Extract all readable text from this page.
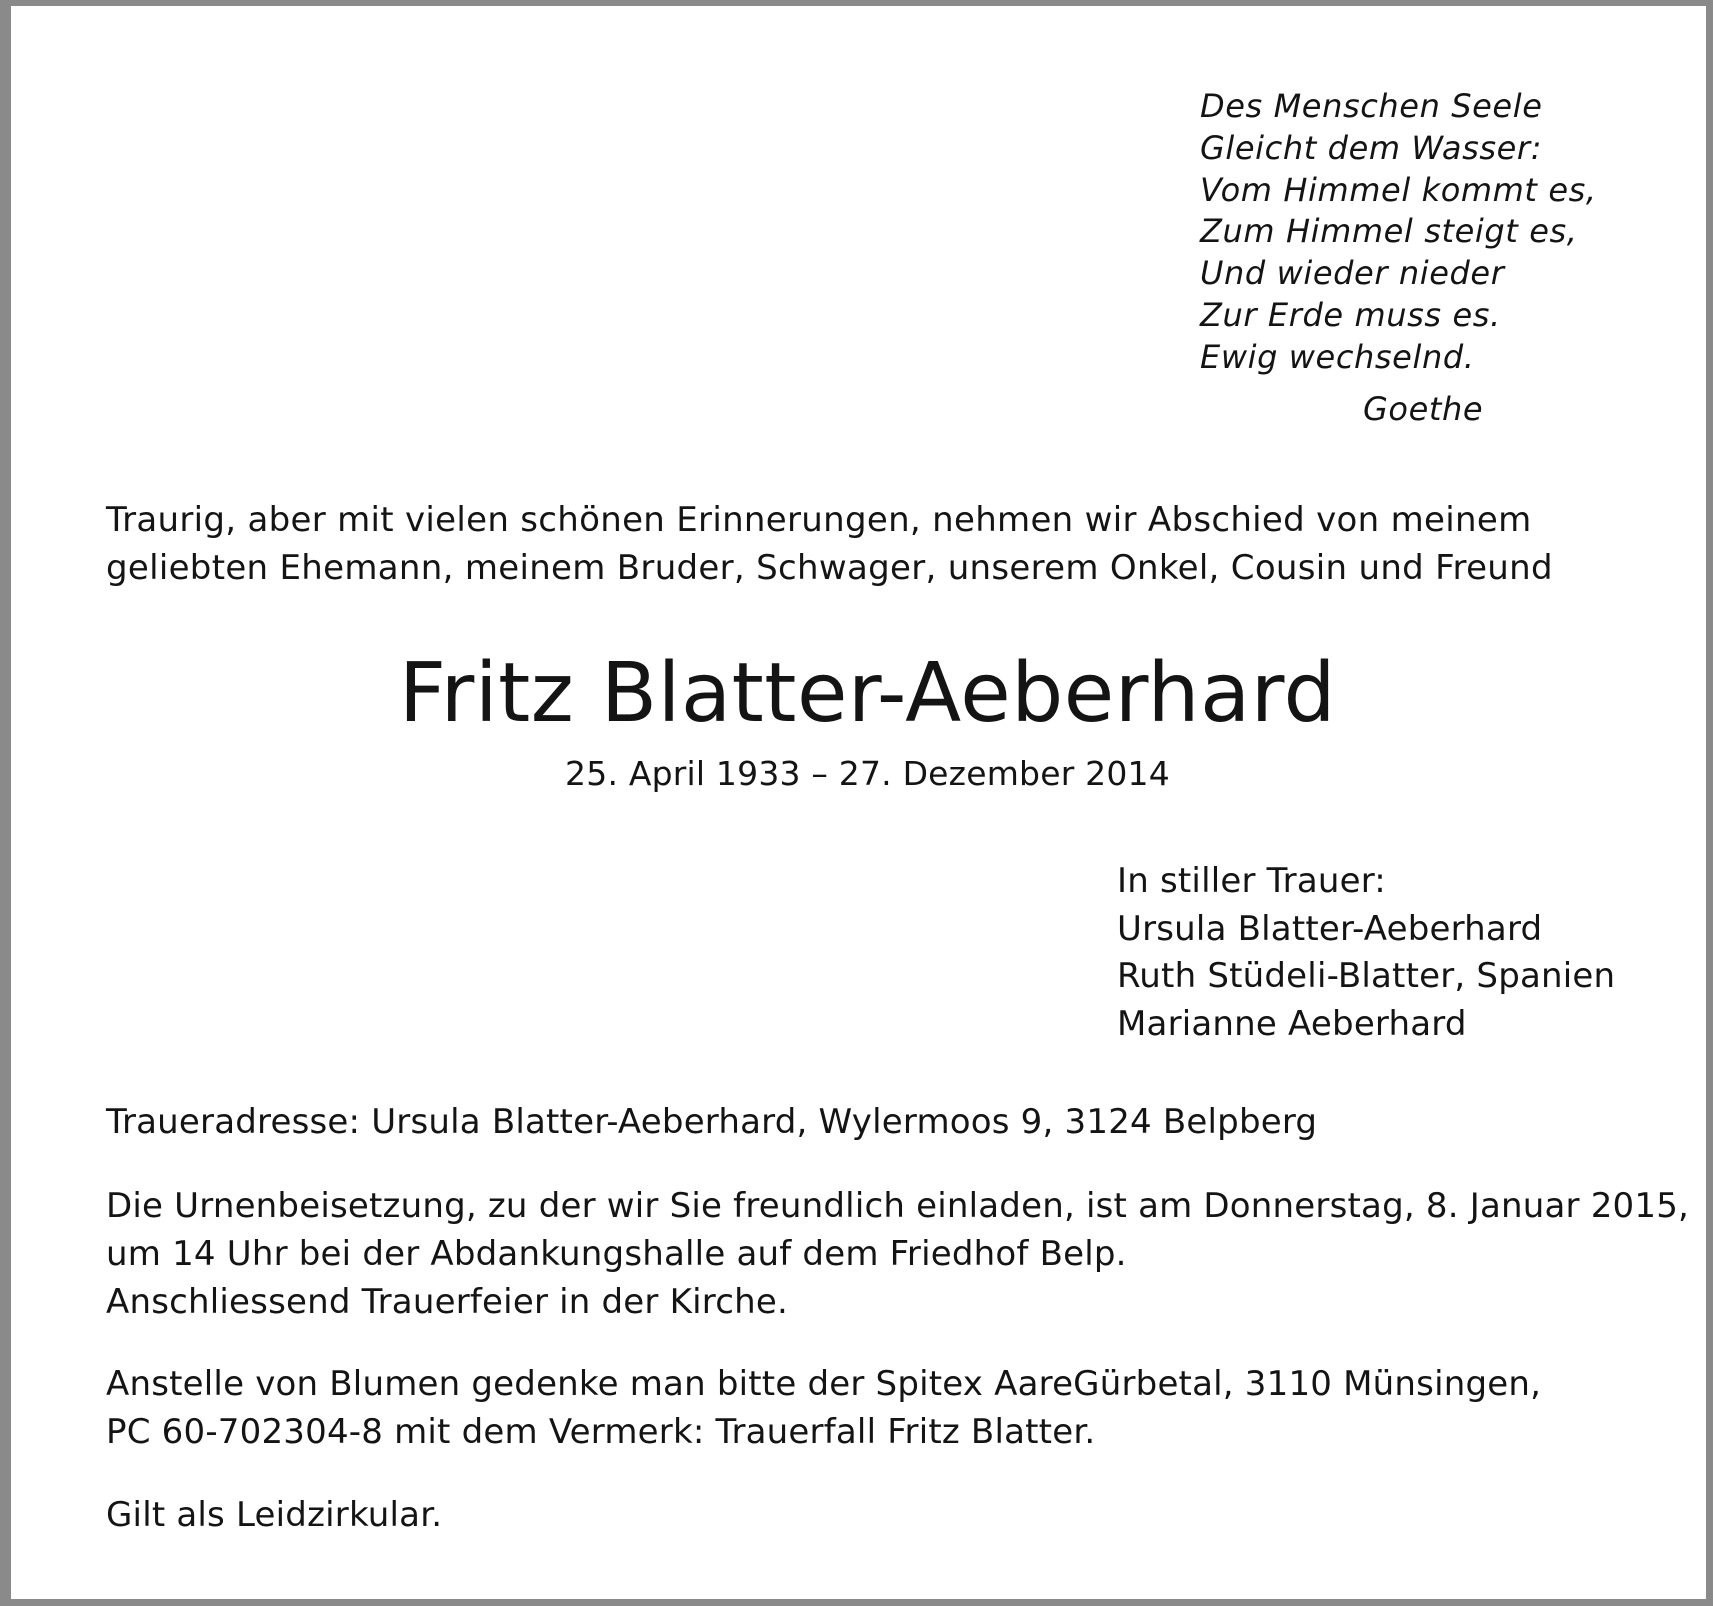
Des Menschen Seele
Gleicht dem Wasser:
Vom Himmel kommt es,
Zum Himmel steigt es,
Und wieder nieder
Zur Erde muss es.
Ewig wechselnd.
Goethe
Traurig, aber mit vielen schönen Erinnerungen, nehmen wir Abschied von meinem
geliebten Ehemann, meinem Bruder, Schwager, unserem Onkel, Cousin und Freund
Fritz Blatter-Aeberhard
25. April 1933 – 27. Dezember 2014
In stiller Trauer:
Ursula Blatter-Aeberhard
Ruth Stüdeli-Blatter, Spanien
Marianne Aeberhard
Traueradresse: Ursula Blatter-Aeberhard, Wylermoos 9, 3124 Belpberg
Die Urnenbeisetzung, zu der wir Sie freundlich einladen, ist am Donnerstag, 8. Januar 2015,
um 14 Uhr bei der Abdankungshalle auf dem Friedhof Belp.
Anschliessend Trauerfeier in der Kirche.
Anstelle von Blumen gedenke man bitte der Spitex AareGürbetal, 3110 Münsingen,
PC 60-702304-8 mit dem Vermerk: Trauerfall Fritz Blatter.
Gilt als Leidzirkular.
